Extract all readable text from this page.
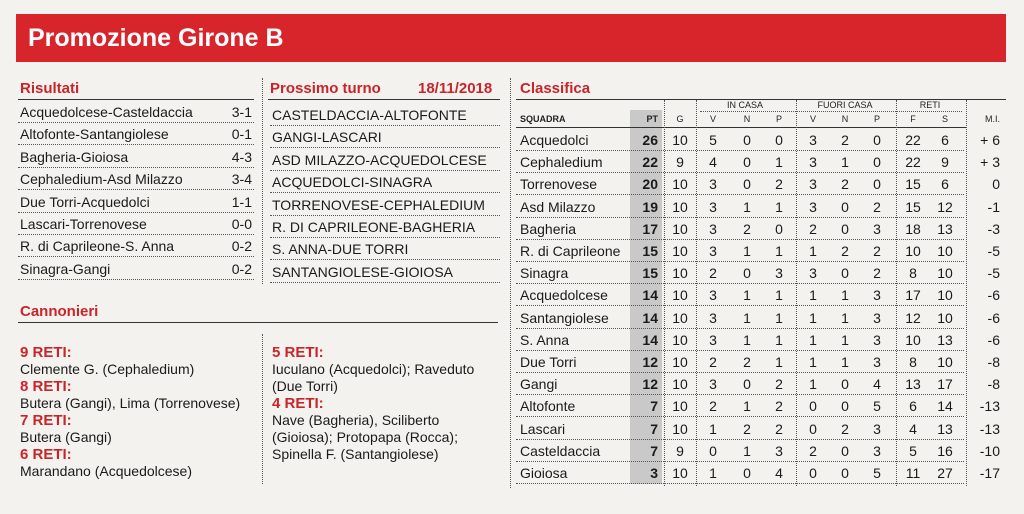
Promozione Girone B
Risultati
Acquedolcese-Casteldaccia	3-1
Altofonte-Santangiolese	0-1
Bagheria-Gioiosa	4-3
Cephaledium-Asd Milazzo	3-4
Due Torri-Acquedolci	1-1
Lascari-Torrenovese	0-0
R. di Caprileone-S. Anna	0-2
Sinagra-Gangi	0-2
Prossimo turno 18/11/2018
CASTELDACCIA-ALTOFONTE
GANGI-LASCARI
ASD MILAZZO-ACQUEDOLCESE
ACQUEDOLCI-SINAGRA
TORRENOVESE-CEPHALEDIUM
R. DI CAPRILEONE-BAGHERIA
S. ANNA-DUE TORRI
SANTANGIOLESE-GIOIOSA
Cannonieri
9 RETI:
Clemente G. (Cephaledium)
8 RETI:
Butera (Gangi), Lima (Torrenovese)
7 RETI:
Butera (Gangi)
6 RETI:
Marandano (Acquedolcese)
5 RETI:
Iuculano (Acquedolci); Raveduto
(Due Torri)
4 RETI:
Nave (Bagheria), Sciliberto
(Gioiosa); Protopapa (Rocca);
Spinella F. (Santangiolese)
Classifica
IN CASA	FUORI CASA	RETI
SQUADRA	PT	G	V	N	P	V	N	P	F	S	M.I.
Acquedolci	26	10	5	0	0	3	2	0	22	6	+ 6
Cephaledium	22	9	4	0	1	3	1	0	22	9	+ 3
Torrenovese	20	10	3	0	2	3	2	0	15	6	0
Asd Milazzo	19	10	3	1	1	3	0	2	15	12	-1
Bagheria	17	10	3	2	0	2	0	3	18	13	-3
R. di Caprileone	15	10	3	1	1	1	2	2	10	10	-5
Sinagra	15	10	2	0	3	3	0	2	8	10	-5
Acquedolcese	14	10	3	1	1	1	1	3	17	10	-6
Santangiolese	14	10	3	1	1	1	1	3	12	10	-6
S. Anna	14	10	3	1	1	1	1	3	10	13	-6
Due Torri	12	10	2	2	1	1	1	3	8	10	-8
Gangi	12	10	3	0	2	1	0	4	13	17	-8
Altofonte	7	10	2	1	2	0	0	5	6	14	-13
Lascari	7	10	1	2	2	0	2	3	4	13	-13
Casteldaccia	7	9	0	1	3	2	0	3	5	16	-10
Gioiosa	3	10	1	0	4	0	0	5	11	27	-17
